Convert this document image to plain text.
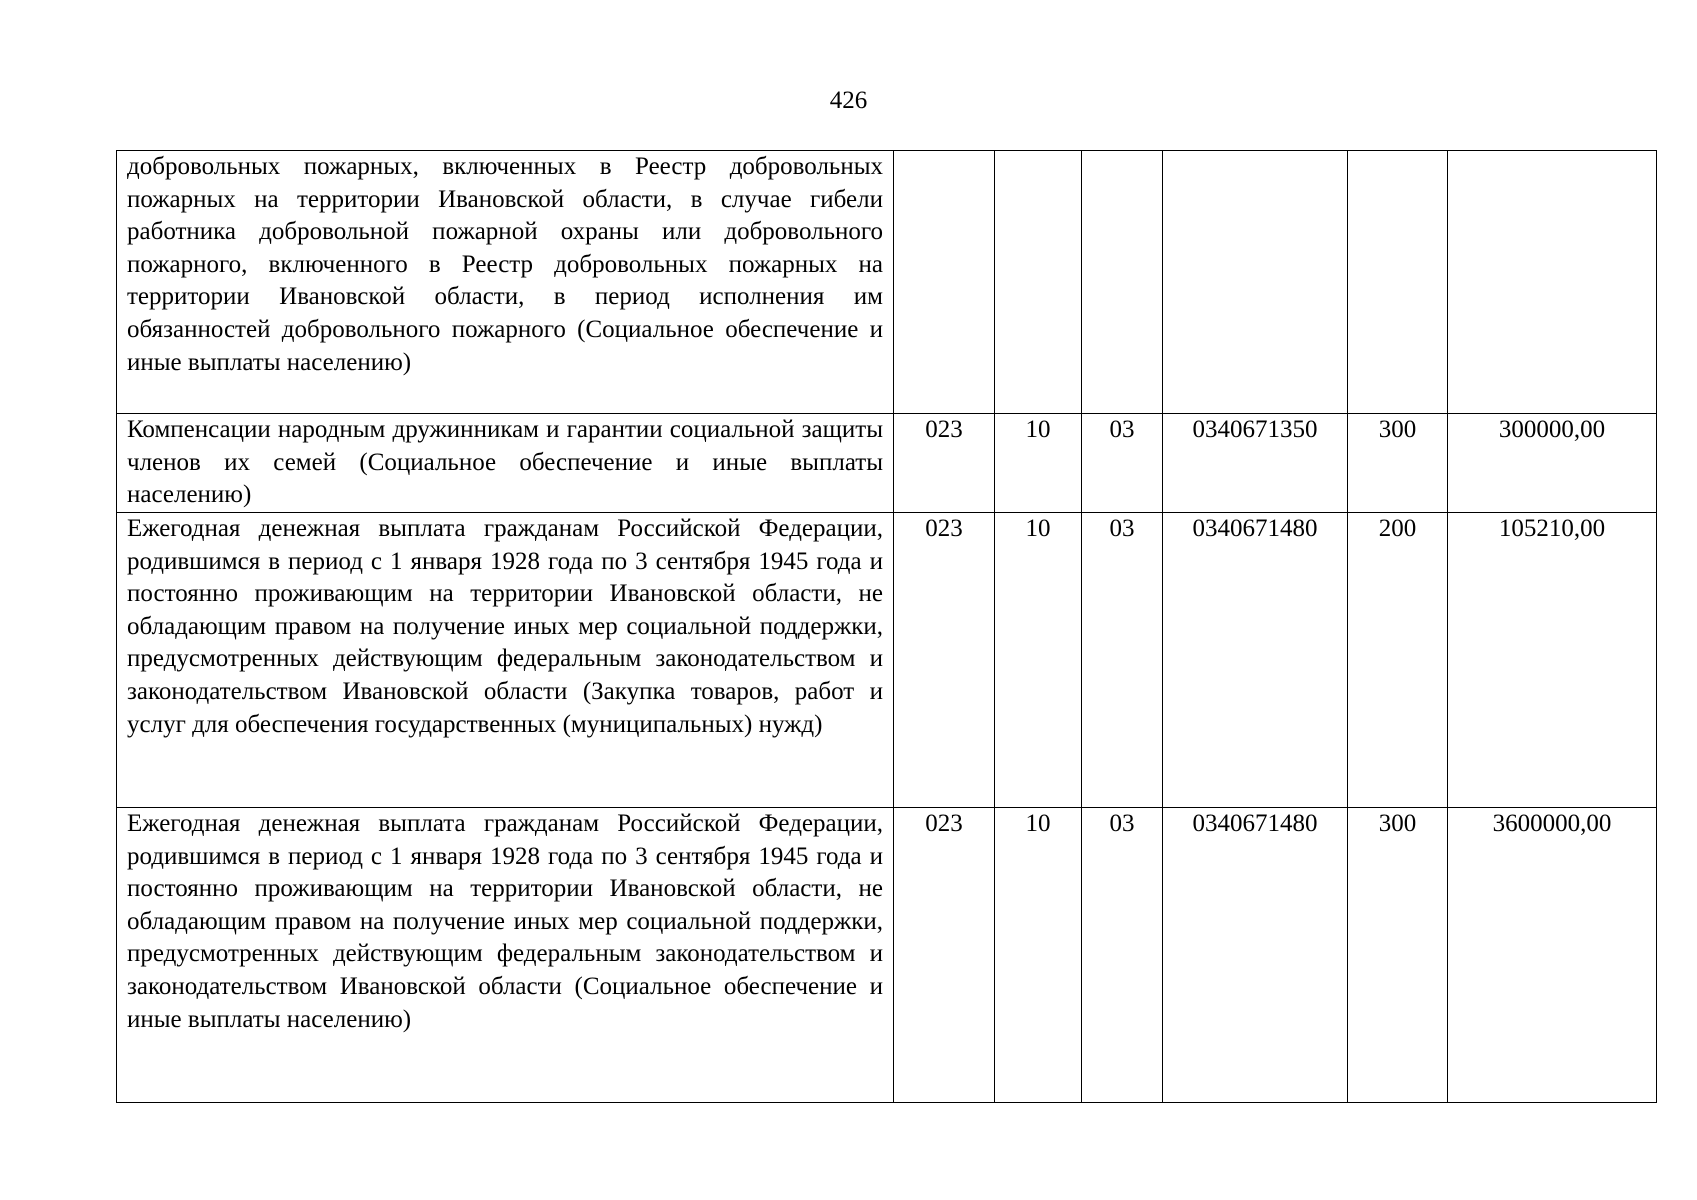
426
добровольных пожарных, включенных в Реестр добровольных пожарных на территории Ивановской области, в случае гибели работника добровольной пожарной охраны или добровольного пожарного, включенного в Реестр добровольных пожарных на территории Ивановской области, в период исполнения им обязанностей добровольного пожарного (Социальное обеспечение и иные выплаты населению)						
Компенсации народным дружинникам и гарантии социальной защиты членов их семей (Социальное обеспечение и иные выплаты населению)	023	10	03	0340671350	300	300000,00
Ежегодная денежная выплата гражданам Российской Федерации, родившимся в период с 1 января 1928 года по 3 сентября 1945 года и постоянно проживающим на территории Ивановской области, не обладающим правом на получение иных мер социальной поддержки, предусмотренных действующим федеральным законодательством и законодательством Ивановской области (Закупка товаров, работ и услуг для обеспечения государственных (муниципальных) нужд)	023	10	03	0340671480	200	105210,00
Ежегодная денежная выплата гражданам Российской Федерации, родившимся в период с 1 января 1928 года по 3 сентября 1945 года и постоянно проживающим на территории Ивановской области, не обладающим правом на получение иных мер социальной поддержки, предусмотренных действующим федеральным законодательством и законодательством Ивановской области (Социальное обеспечение и иные выплаты населению)	023	10	03	0340671480	300	3600000,00
